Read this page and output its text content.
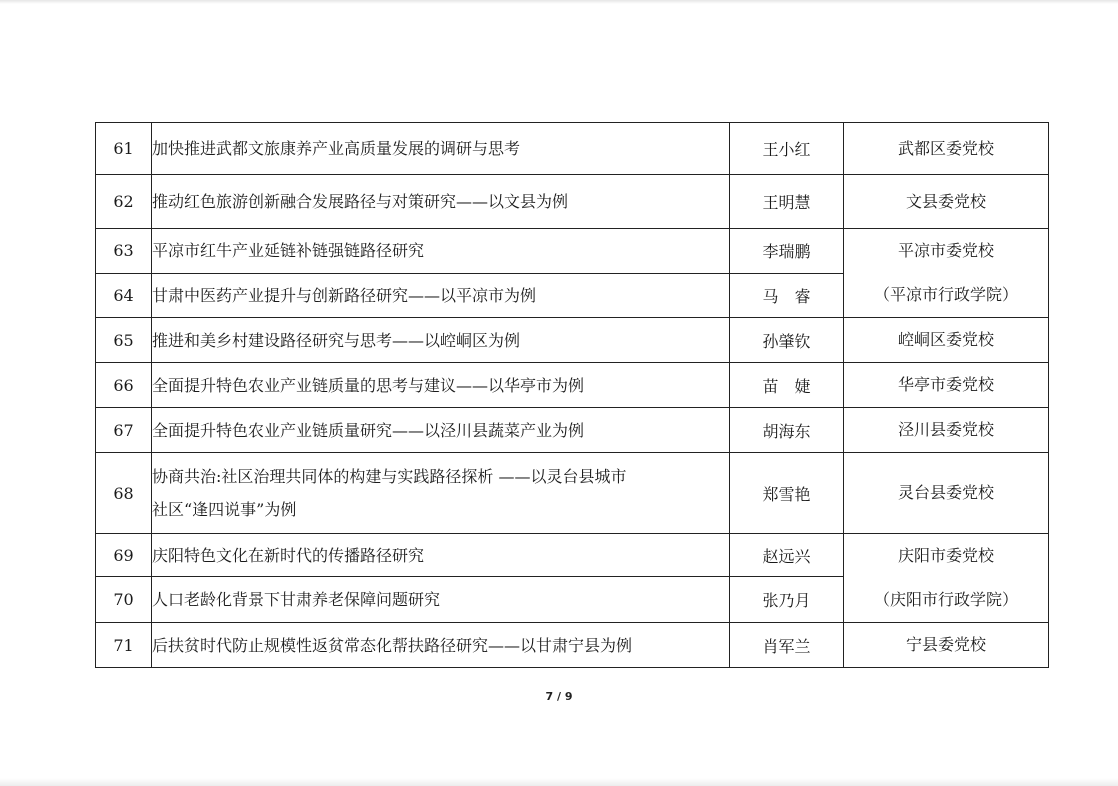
61	加快推进武都文旅康养产业高质量发展的调研与思考	王小红	武都区委党校
62	推动红色旅游创新融合发展路径与对策研究——以文县为例	王明慧	文县委党校
63	平凉市红牛产业延链补链强链路径研究	李瑞鹏	平凉市委党校
（平凉市行政学院）

64	甘肃中医药产业提升与创新路径研究——以平凉市为例	马　睿	
65	推进和美乡村建设路径研究与思考——以崆峒区为例	孙肇钦	崆峒区委党校
66	全面提升特色农业产业链质量的思考与建议——以华亭市为例	苗　婕	华亭市委党校
67	全面提升特色农业产业链质量研究——以泾川县蔬菜产业为例	胡海东	泾川县委党校
68	协商共治:社区治理共同体的构建与实践路径探析 ——以灵台县城市
社区“逢四说事”为例	郑雪艳	灵台县委党校
69	庆阳特色文化在新时代的传播路径研究	赵远兴	庆阳市委党校
（庆阳市行政学院）

70	人口老龄化背景下甘肃养老保障问题研究	张乃月	
71	后扶贫时代防止规模性返贫常态化帮扶路径研究——以甘肃宁县为例	肖军兰	宁县委党校
7 / 9
